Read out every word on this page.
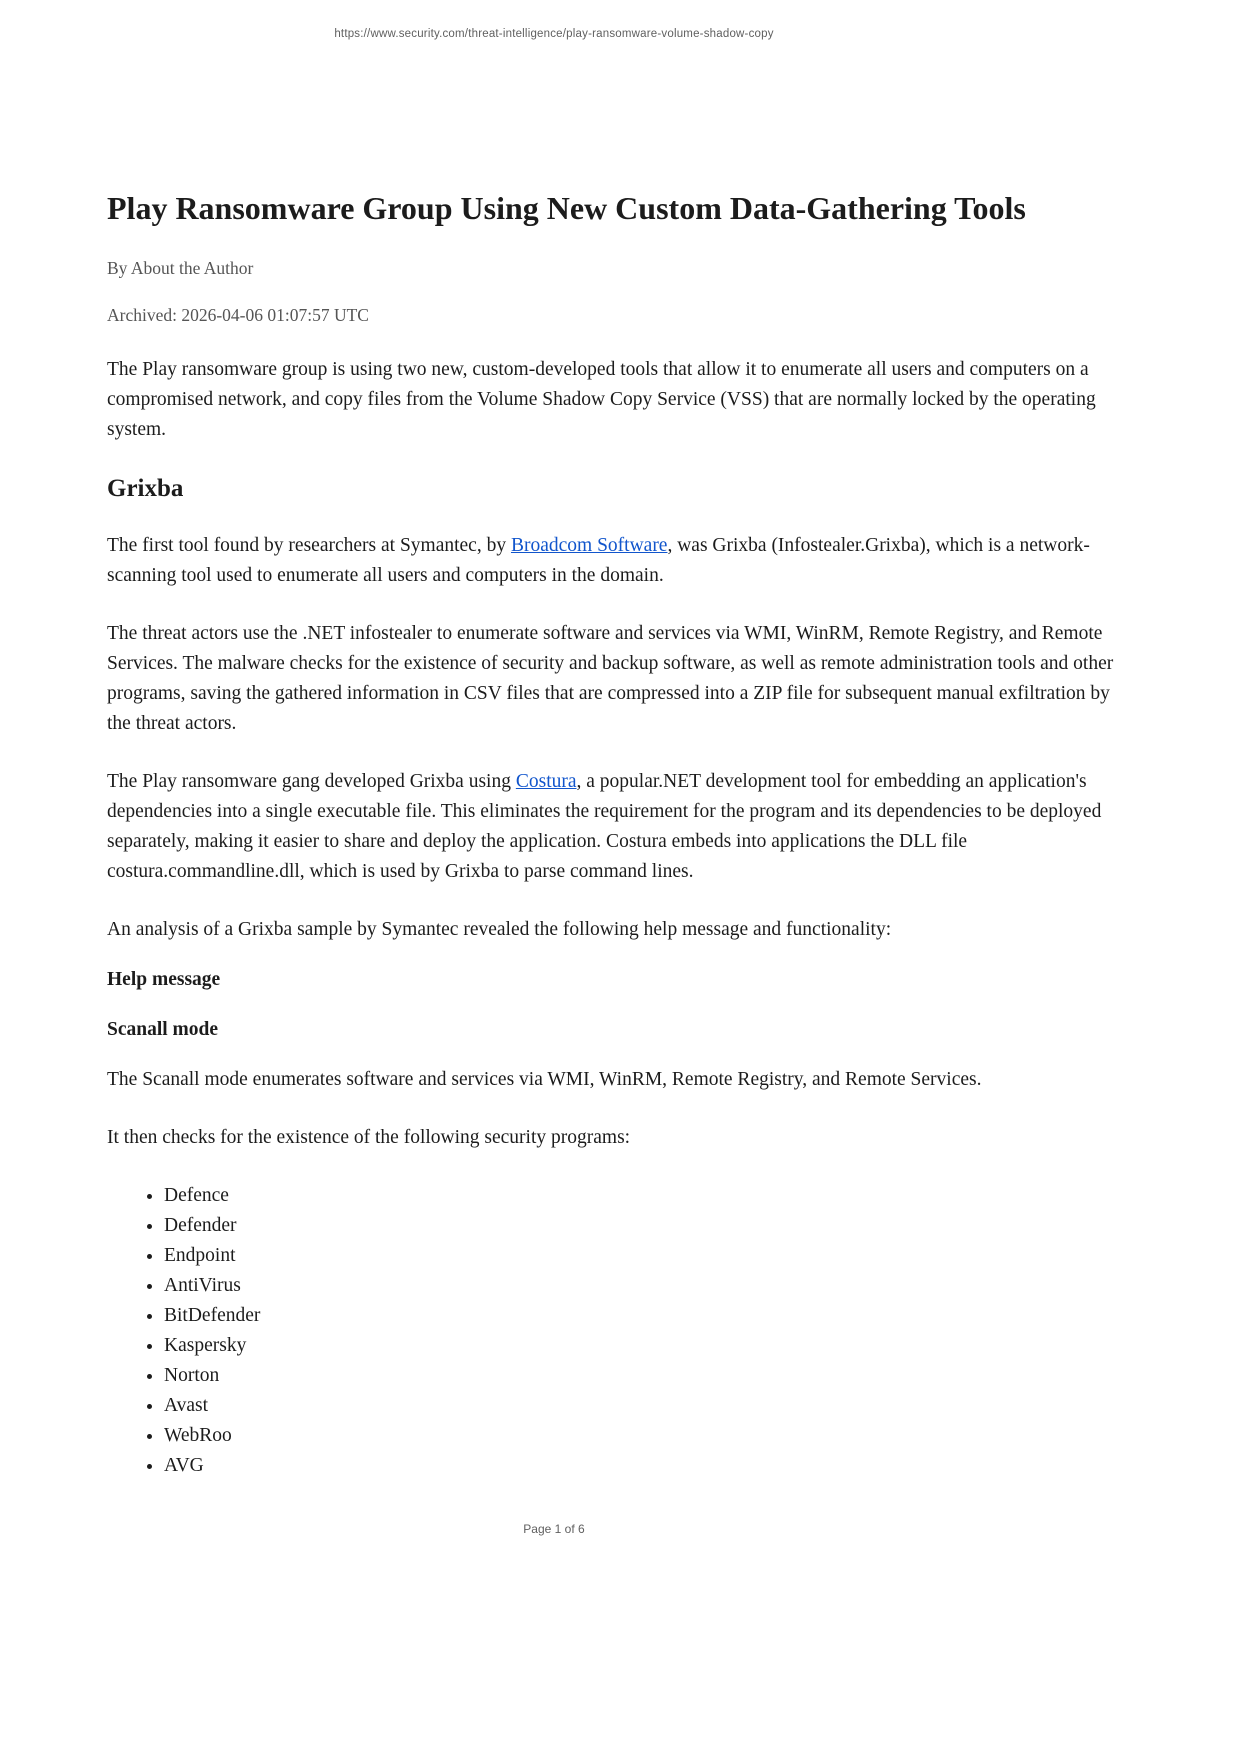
https://www.security.com/threat-intelligence/play-ransomware-volume-shadow-copy
Play Ransomware Group Using New Custom Data-Gathering Tools

By About the Author

Archived: 2026-04-06 01:07:57 UTC

The Play ransomware group is using two new, custom-developed tools that allow it to enumerate all users and computers on a compromised network, and copy files from the Volume Shadow Copy Service (VSS) that are normally locked by the operating system.

Grixba

The first tool found by researchers at Symantec, by Broadcom Software, was Grixba (Infostealer.Grixba), which is a network-scanning tool used to enumerate all users and computers in the domain.

The threat actors use the .NET infostealer to enumerate software and services via WMI, WinRM, Remote Registry, and Remote Services. The malware checks for the existence of security and backup software, as well as remote administration tools and other programs, saving the gathered information in CSV files that are compressed into a ZIP file for subsequent manual exfiltration by the threat actors.

The Play ransomware gang developed Grixba using Costura, a popular.NET development tool for embedding an application's dependencies into a single executable file. This eliminates the requirement for the program and its dependencies to be deployed separately, making it easier to share and deploy the application. Costura embeds into applications the DLL file costura.commandline.dll, which is used by Grixba to parse command lines.

An analysis of a Grixba sample by Symantec revealed the following help message and functionality:

Help message

Scanall mode

The Scanall mode enumerates software and services via WMI, WinRM, Remote Registry, and Remote Services.

It then checks for the existence of the following security programs:

• Defence
• Defender
• Endpoint
• AntiVirus
• BitDefender
• Kaspersky
• Norton
• Avast
• WebRoo
• AVG
Page 1 of 6
